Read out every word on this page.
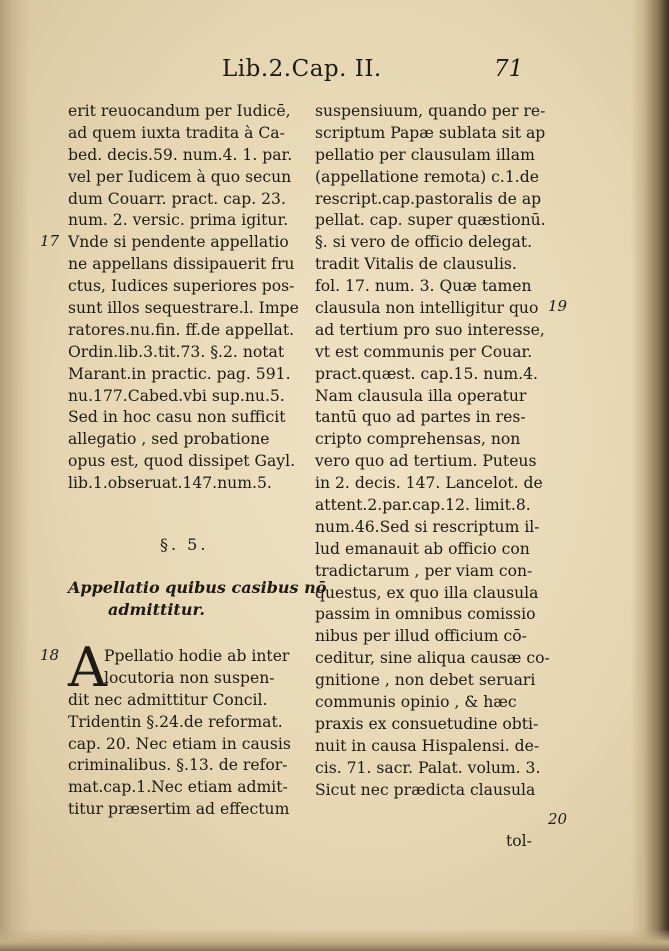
Lib.2.Cap. II.	71
erit reuocandum per Iudicē,
ad quem iuxta tradita à Ca-
bed. decis.59. num.4. 1. par.
vel per Iudicem à quo secun
dum Couarr. pract. cap. 23.
num. 2. versic. prima igitur.
Vnde si pendente appellatio
ne appellans dissipauerit fru
ctus, Iudices superiores pos-
sunt illos sequestrare.l. Impe
ratores.nu.fin. ff.de appellat.
Ordin.lib.3.tit.73. §.2. notat
Marant.in practic. pag. 591.
nu.177.Cabed.vbi sup.nu.5.
Sed in hoc casu non sufficit
allegatio , sed probatione
opus est, quod dissipet Gayl.
lib.1.obseruat.147.num.5.
§. 5.
Appellatio quibus casibus nō
admittitur.
A
Ppellatio hodie ab inter
locutoria non suspen-
dit nec admittitur Concil.
Tridentin §.24.de reformat.
cap. 20. Nec etiam in causis
criminalibus. §.13. de refor-
mat.cap.1.Nec etiam admit-
titur præsertim ad effectum
suspensiuum, quando per re-
scriptum Papæ sublata sit ap
pellatio per clausulam illam
(appellatione remota) c.1.de
rescript.cap.pastoralis de ap
pellat. cap. super quæstionū.
§. si vero de officio delegat.
tradit Vitalis de clausulis.
fol. 17. num. 3. Quæ tamen
clausula non intelligitur quo
ad tertium pro suo interesse,
vt est communis per Couar.
pract.quæst. cap.15. num.4.
Nam clausula illa operatur
tantū quo ad partes in res-
cripto comprehensas, non
vero quo ad tertium. Puteus
in 2. decis. 147. Lancelot. de
attent.2.par.cap.12. limit.8.
num.46.Sed si rescriptum il-
lud emanauit ab officio con
tradictarum , per viam con-
questus, ex quo illa clausula
passim in omnibus comissio
nibus per illud officium cō-
ceditur, sine aliqua causæ co-
gnitione , non debet seruari
communis opinio , & hæc
praxis ex consuetudine obti-
nuit in causa Hispalensi. de-
cis. 71. sacr. Palat. volum. 3.
Sicut nec prædicta clausula
tol-
17
18
19
20
